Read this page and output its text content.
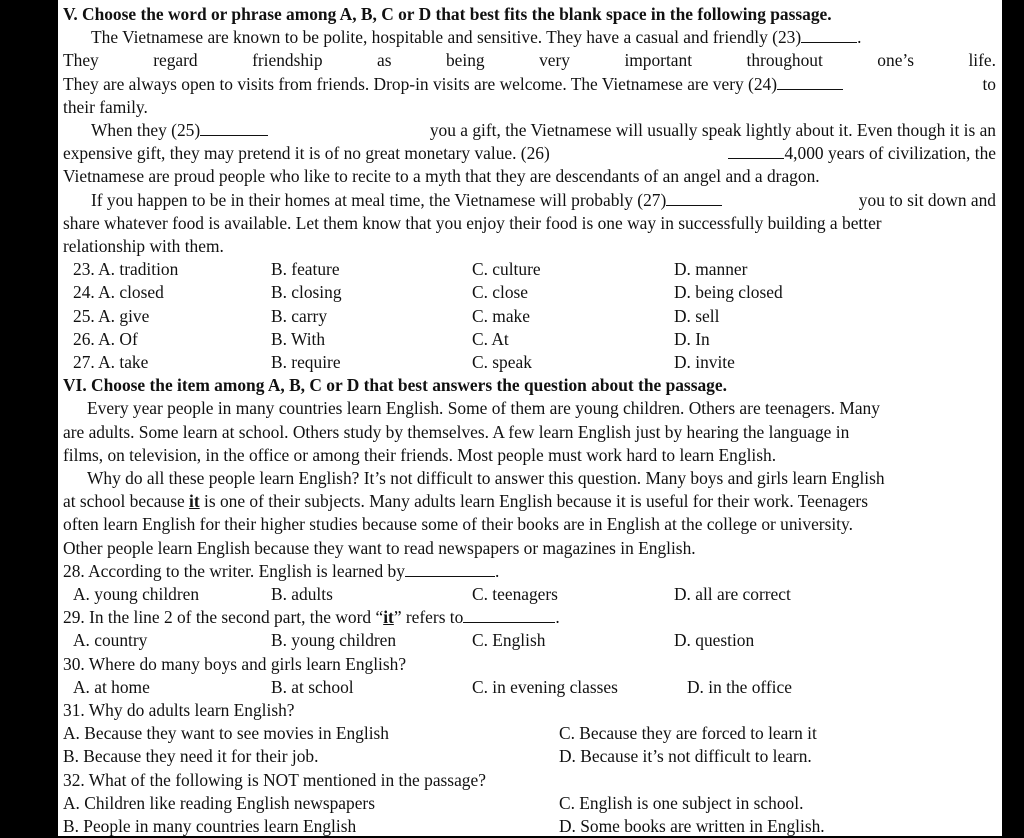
V. Choose the word or phrase among A, B, C or D that best fits the blank space in the following passage.
The Vietnamese are known to be polite, hospitable and sensitive. They have a casual and friendly (23)	.
They	regard	friendship	as	being	very	important	throughout	one’s	life.
They are always open to visits from friends. Drop-in visits are welcome. The Vietnamese are very (24)	to
their family.
When they (25)	you a gift, the Vietnamese will usually speak lightly about it. Even though it is an
expensive gift, they may pretend it is of no great monetary value. (26)	4,000 years of civilization, the
Vietnamese are proud people who like to recite to a myth that they are descendants of an angel and a dragon.
If you happen to be in their homes at meal time, the Vietnamese will probably (27)	you to sit down and
share whatever food is available. Let them know that you enjoy their food is one way in successfully building a better
relationship with them.
23. A. tradition	B. feature	C. culture	D. manner
24. A. closed	B. closing	C. close	D. being closed
25. A. give	B. carry	C. make	D. sell
26. A. Of	B. With	C. At	D. In
27. A. take	B. require	C. speak	D. invite
VI. Choose the item among A, B, C or D that best answers the question about the passage.
Every year people in many countries learn English. Some of them are young children. Others are teenagers. Many
are adults. Some learn at school. Others study by themselves. A few learn English just by hearing the language in
films, on television, in the office or among their friends. Most people must work hard to learn English.
Why do all these people learn English? It’s not difficult to answer this question. Many boys and girls learn English
at school because it is one of their subjects. Many adults learn English because it is useful for their work. Teenagers
often learn English for their higher studies because some of their books are in English at the college or university.
Other people learn English because they want to read newspapers or magazines in English.
28. According to the writer. English is learned by	.
A. young children	B. adults	C. teenagers	D. all are correct
29. In the line 2 of the second part, the word “it” refers to	.
A. country	B. young children	C. English	D. question
30. Where do many boys and girls learn English?
A. at home	B. at school	C. in evening classes	D. in the office
31. Why do adults learn English?
A. Because they want to see movies in English	C. Because they are forced to learn it
B. Because they need it for their job.	D. Because it’s not difficult to learn.
32. What of the following is NOT mentioned in the passage?
A. Children like reading English newspapers	C. English is one subject in school.
B. People in many countries learn English	D. Some books are written in English.
